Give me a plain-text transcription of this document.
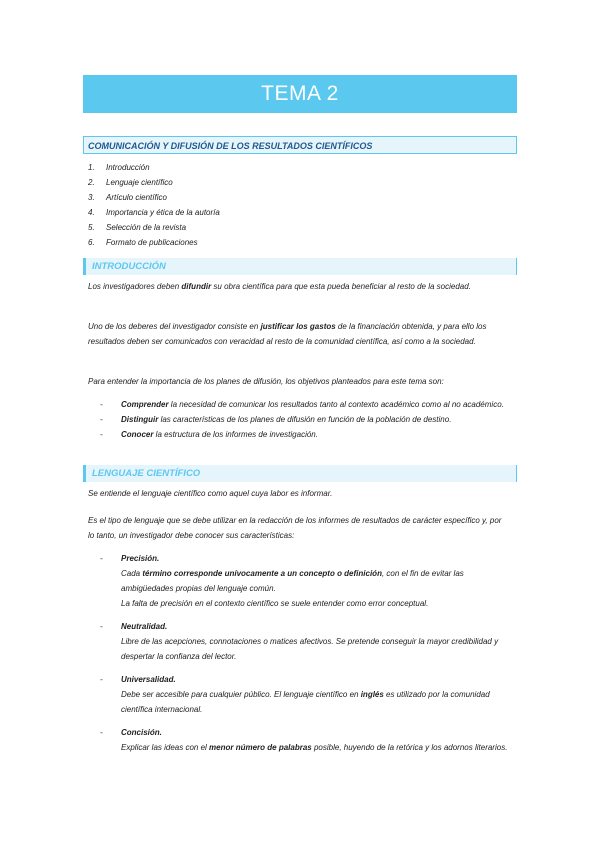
TEMA 2
COMUNICACIÓN Y DIFUSIÓN DE LOS RESULTADOS CIENTÍFICOS
1. Introducción
2. Lenguaje científico
3. Artículo científico
4. Importancia y ética de la autoría
5. Selección de la revista
6. Formato de publicaciones
INTRODUCCIÓN

Los investigadores deben difundir su obra científica para que esta pueda beneficiar al resto de la sociedad.

Uno de los deberes del investigador consiste en justificar los gastos de la financiación obtenida, y para ello los resultados deben ser comunicados con veracidad al resto de la comunidad científica, así como a la sociedad.

Para entender la importancia de los planes de difusión, los objetivos planteados para este tema son:

- Comprender la necesidad de comunicar los resultados tanto al contexto académico como al no académico.
- Distinguir las características de los planes de difusión en función de la población de destino.
- Conocer la estructura de los informes de investigación.
LENGUAJE CIENTÍFICO

Se entiende el lenguaje científico como aquel cuya labor es informar.

Es el tipo de lenguaje que se debe utilizar en la redacción de los informes de resultados de carácter específico y, por lo tanto, un investigador debe conocer sus características:

- Precisión.
Cada término corresponde unívocamente a un concepto o definición, con el fin de evitar las ambigüedades propias del lenguaje común.
La falta de precisión en el contexto científico se suele entender como error conceptual.
- Neutralidad.
Libre de las acepciones, connotaciones o matices afectivos. Se pretende conseguir la mayor credibilidad y despertar la confianza del lector.
- Universalidad.
Debe ser accesible para cualquier público. El lenguaje científico en inglés es utilizado por la comunidad científica internacional.
- Concisión.
Explicar las ideas con el menor número de palabras posible, huyendo de la retórica y los adornos literarios.
